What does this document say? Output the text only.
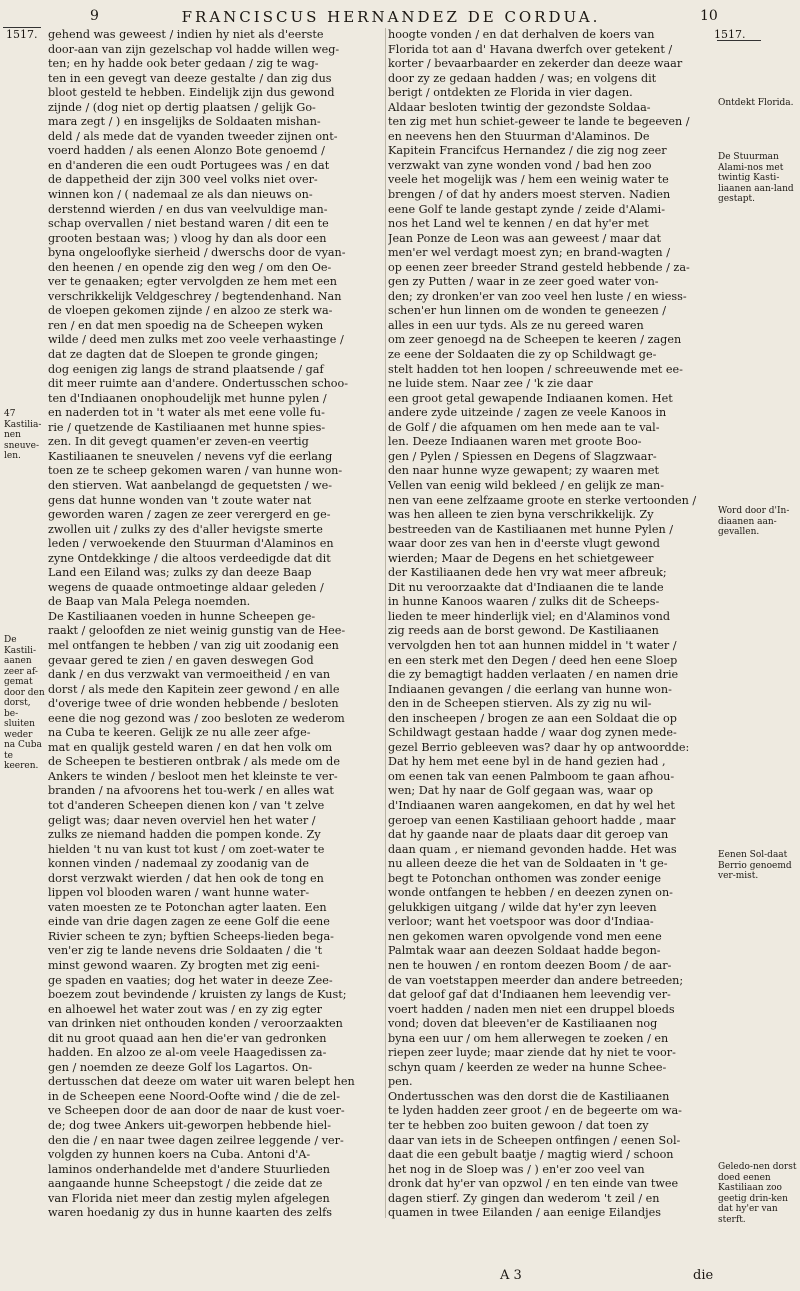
1517.
9	FRANCISCUS HERNANDEZ DE CORDUA.	10
1517.
gehend was geweest / indien hy niet als d'eerste
door-aan van zijn gezelschap vol hadde willen weg-
ten; en hy hadde ook beter gedaan / zig te wag-
ten in een gevegt van deeze gestalte / dan zig dus
bloot gesteld te hebben. Eindelijk zijn dus gewond
zijnde / (dog niet op dertig plaatsen / gelijk Go-
mara zegt / ) en insgelijks de Soldaaten mishan-
deld / als mede dat de vyanden tweeder zijnen ont-
voerd hadden / als eenen Alonzo Bote genoemd /
en d'anderen die een oudt Portugees was / en dat
de dappetheid der zijn 300 veel volks niet over-
winnen kon / ( nademaal ze als dan nieuws on-
derstennd wierden / en dus van veelvuldige man-
schap overvallen / niet bestand waren / dit een te
grooten bestaan was; ) vloog hy dan als door een
byna ongelooflyke sierheid / dwerschs door de vyan-
den heenen / en opende zig den weg / om den Oe-
ver te genaaken; egter vervolgden ze hem met een
verschrikkelijk Veldgeschrey / begtendenhand. Nan
de vloepen gekomen zijnde / en alzoo ze sterk wa-
ren / en dat men spoedig na de Scheepen wyken
wilde / deed men zulks met zoo veele verhaastinge /
dat ze dagten dat de Sloepen te gronde gingen;
dog eenigen zig langs de strand plaatsende / gaf
dit meer ruimte aan d'andere. Ondertusschen schoo-
ten d'Indiaanen onophoudelijk met hunne pylen /
en naderden tot in 't water als met eene volle fu-
rie / quetzende de Kastiliaanen met hunne spies-
zen. In dit gevegt quamen'er zeven-en veertig
Kastiliaanen te sneuvelen / nevens vyf die eerlang
toen ze te scheep gekomen waren / van hunne won-
den stierven. Wat aanbelangd de gequetsten / we-
gens dat hunne wonden van 't zoute water nat
geworden waren / zagen ze zeer verergerd en ge-
zwollen uit / zulks zy des d'aller hevigste smerte
leden / verwoekende den Stuurman d'Alaminos en
zyne Ontdekkinge / die altoos verdeedigde dat dit
Land een Eiland was; zulks zy dan deeze Baap
wegens de quaade ontmoetinge aldaar geleden /
de Baap van Mala Pelega noemden.
De Kastiliaanen voeden in hunne Scheepen ge-
raakt / geloofden ze niet weinig gunstig van de Hee-
mel ontfangen te hebben / van zig uit zoodanig een
gevaar gered te zien / en gaven deswegen God
dank / en dus verzwakt van vermoeitheid / en van
dorst / als mede den Kapitein zeer gewond / en alle
d'overige twee of drie wonden hebbende / besloten
eene die nog gezond was / zoo besloten ze wederom
na Cuba te keeren. Gelijk ze nu alle zeer afge-
mat en qualijk gesteld waren / en dat hen volk om
de Scheepen te bestieren ontbrak / als mede om de
Ankers te winden / besloot men het kleinste te ver-
branden / na afvoorens het tou-werk / en alles wat
tot d'anderen Scheepen dienen kon / van 't zelve
geligt was; daar neven overviel hen het water /
zulks ze niemand hadden die pompen konde. Zy
hielden 't nu van kust tot kust / om zoet-water te
konnen vinden / nademaal zy zoodanig van de
dorst verzwakt wierden / dat hen ook de tong en
lippen vol blooden waren / want hunne water-
vaten moesten ze te Potonchan agter laaten. Een
einde van drie dagen zagen ze eene Golf die eene
Rivier scheen te zyn; byftien Scheeps-lieden bega-
ven'er zig te lande nevens drie Soldaaten / die 't
minst gewond waaren. Zy brogten met zig eeni-
ge spaden en vaaties; dog het water in deeze Zee-
boezem zout bevindende / kruisten zy langs de Kust;
en alhoewel het water zout was / en zy zig egter
van drinken niet onthouden konden / veroorzaakten
dit nu groot quaad aan hen die'er van gedronken
hadden. En alzoo ze al-om veele Haagedissen za-
gen / noemden ze deeze Golf los Lagartos. On-
dertusschen dat deeze om water uit waren belept hen
in de Scheepen eene Noord-Oofte wind / die de zel-
ve Scheepen door de aan door de naar de kust voer-
de; dog twee Ankers uit-geworpen hebbende hiel-
den die / en naar twee dagen zeilree leggende / ver-
volgden zy hunnen koers na Cuba. Antoni d'A-
laminos onderhandelde met d'andere Stuurlieden
aangaande hunne Scheepstogt / die zeide dat ze
van Florida niet meer dan zestig mylen afgelegen
waren hoedanig zy dus in hunne kaarten des zelfs
hoogte vonden / en dat derhalven de koers van
Florida tot aan d' Havana dwerfch over getekent /
korter / bevaarbaarder en zekerder dan deeze waar
door zy ze gedaan hadden / was; en volgens dit
berigt / ontdekten ze Florida in vier dagen.
Aldaar besloten twintig der gezondste Soldaa-
ten zig met hun schiet-geweer te lande te begeeven /
en neevens hen den Stuurman d'Alaminos. De
Kapitein Francifcus Hernandez / die zig nog zeer
verzwakt van zyne wonden vond / bad hen zoo
veele het mogelijk was / hem een weinig water te
brengen / of dat hy anders moest sterven. Nadien
eene Golf te lande gestapt zynde / zeide d'Alami-
nos het Land wel te kennen / en dat hy'er met
Jean Ponze de Leon was aan geweest / maar dat
men'er wel verdagt moest zyn; en brand-wagten /
op eenen zeer breeder Strand gesteld hebbende / za-
gen zy Putten / waar in ze zeer goed water von-
den; zy dronken'er van zoo veel hen luste / en wiess-
schen'er hun linnen om de wonden te geneezen /
alles in een uur tyds. Als ze nu gereed waren
om zeer genoegd na de Scheepen te keeren / zagen
ze eene der Soldaaten die zy op Schildwagt ge-
stelt hadden tot hen loopen / schreeuwende met ee-
ne luide stem. Naar zee / 'k zie daar
een groot getal gewapende Indiaanen komen. Het
andere zyde uitzeinde / zagen ze veele Kanoos in
de Golf / die afquamen om hen mede aan te val-
len. Deeze Indiaanen waren met groote Boo-
gen / Pylen / Spiessen en Degens of Slagzwaar-
den naar hunne wyze gewapent; zy waaren met
Vellen van eenig wild bekleed / en gelijk ze man-
nen van eene zelfzaame groote en sterke vertoonden /
was hen alleen te zien byna verschrikkelijk. Zy
bestreeden van de Kastiliaanen met hunne Pylen /
waar door zes van hen in d'eerste vlugt gewond
wierden; Maar de Degens en het schietgeweer
der Kastiliaanen dede hen vry wat meer afbreuk;
Dit nu veroorzaakte dat d'Indiaanen die te lande
in hunne Kanoos waaren / zulks dit de Scheeps-
lieden te meer hinderlijk viel; en d'Alaminos vond
zig reeds aan de borst gewond. De Kastiliaanen
vervolgden hen tot aan hunnen middel in 't water /
en een sterk met den Degen / deed hen eene Sloep
die zy bemagtigt hadden verlaaten / en namen drie
Indiaanen gevangen / die eerlang van hunne won-
den in de Scheepen stierven. Als zy zig nu wil-
den inscheepen / brogen ze aan een Soldaat die op
Schildwagt gestaan hadde / waar dog zynen mede-
gezel Berrio gebleeven was? daar hy op antwoordde:
Dat hy hem met eene byl in de hand gezien had ,
om eenen tak van eenen Palmboom te gaan afhou-
wen; Dat hy naar de Golf gegaan was, waar op
d'Indiaanen waren aangekomen, en dat hy wel het
geroep van eenen Kastiliaan gehoort hadde , maar
dat hy gaande naar de plaats daar dit geroep van
daan quam , er niemand gevonden hadde. Het was
nu alleen deeze die het van de Soldaaten in 't ge-
begt te Potonchan onthomen was zonder eenige
wonde ontfangen te hebben / en deezen zynen on-
gelukkigen uitgang / wilde dat hy'er zyn leeven
verloor; want het voetspoor was door d'Indiaa-
nen gekomen waren opvolgende vond men eene
Palmtak waar aan deezen Soldaat hadde begon-
nen te houwen / en rontom deezen Boom / de aar-
de van voetstappen meerder dan andere betreeden;
dat geloof gaf dat d'Indiaanen hem leevendig ver-
voert hadden / naden men niet een druppel bloeds
vond; doven dat bleeven'er de Kastiliaanen nog
byna een uur / om hem allerwegen te zoeken / en
riepen zeer luyde; maar ziende dat hy niet te voor-
schyn quam / keerden ze weder na hunne Schee-
pen.
Ondertusschen was den dorst die de Kastiliaanen
te lyden hadden zeer groot / en de begeerte om wa-
ter te hebben zoo buiten gewoon / dat toen zy
daar van iets in de Scheepen ontfingen / eenen Sol-
daat die een gebult baatje / magtig wierd / schoon
het nog in de Sloep was / ) en'er zoo veel van
dronk dat hy'er van opzwol / en ten einde van twee
dagen stierf. Zy gingen dan wederom 't zeil / en
quamen in twee Eilanden / aan eenige Eilandjes
47 Kastilia-nen sneuve-len.
De Kastili-aanen zeer af-gemat door den dorst, be-sluiten weder na Cuba te keeren.
Ontdekt Florida.
De Stuurman Alami-nos met twintig Kasti-liaanen aan-land gestapt.
Word door d'In-diaanen aan-gevallen.
Eenen Sol-daat Berrio genoemd ver-mist.
Geledo-nen dorst doed eenen Kastiliaan zoo geetig drin-ken dat hy'er van sterft.
A 3	die
